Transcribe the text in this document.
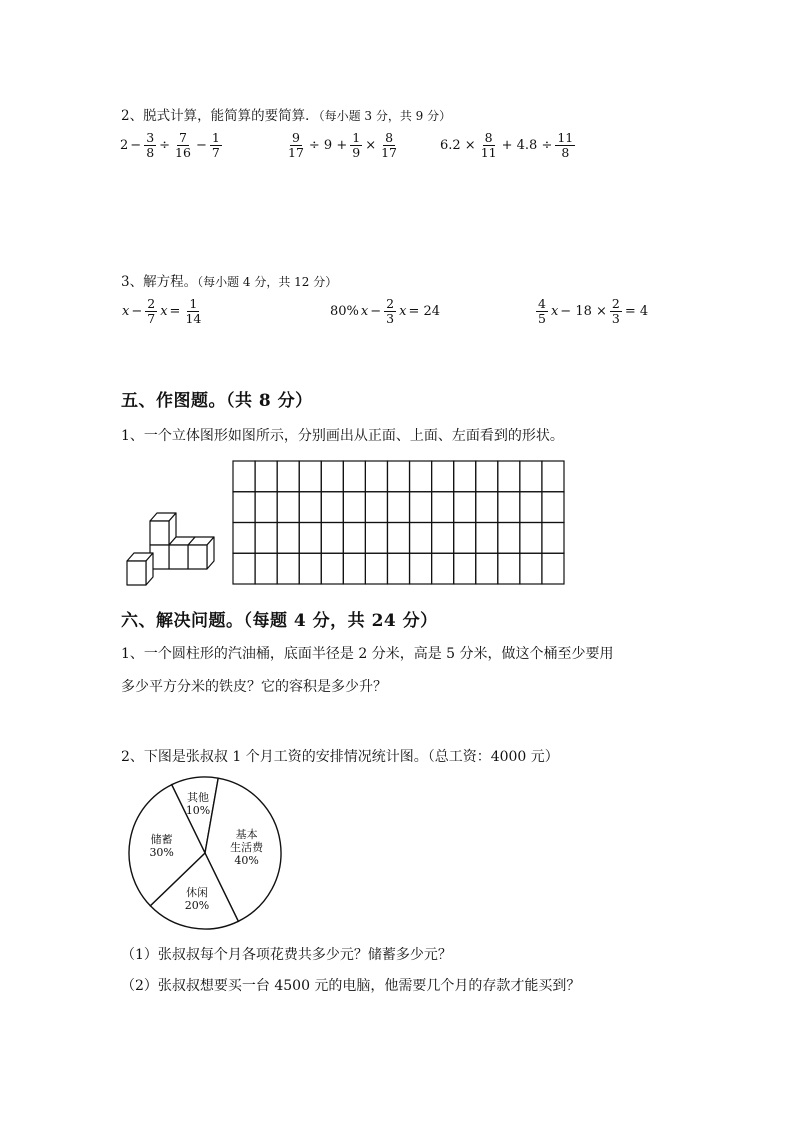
2、脱式计算，能简算的要简算．（每小题 3 分，共 9 分）
$2 - \frac{3}{8} \div \frac{7}{16} - \frac{1}{7}$	$\frac{9}{17} \div 9 + \frac{1}{9} \times \frac{8}{17}$	$6.2 \times \frac{8}{11} + 4.8 \div \frac{11}{8}$
3、解方程。（每小题 4 分，共 12 分）
$x - \frac{2}{7}$ $x = \frac{1}{14}$	80% $x - \frac{2}{3}$ x = 24	$\frac{4}{5}$ $x - 18 \times \frac{2}{3} = 4$
五、作图题。（共 8 分）
1、一个立体图形如图所示，分别画出从正面、上面、左面看到的形状。
六、解决问题。（每题 4 分，共 24 分）
1、一个圆柱形的汽油桶，底面半径是 2 分米，高是 5 分米，做这个桶至少要用
多少平方分米的铁皮？它的容积是多少升？
2、下图是张叔叔 1 个月工资的安排情况统计图。（总工资：4000 元）
其他
10%
基本
生活费
40%
休闲
20%
储蓄
30%
（1）张叔叔每个月各项花费共多少元？储蓄多少元？
（2）张叔叔想要买一台 4500 元的电脑，他需要几个月的存款才能买到？
